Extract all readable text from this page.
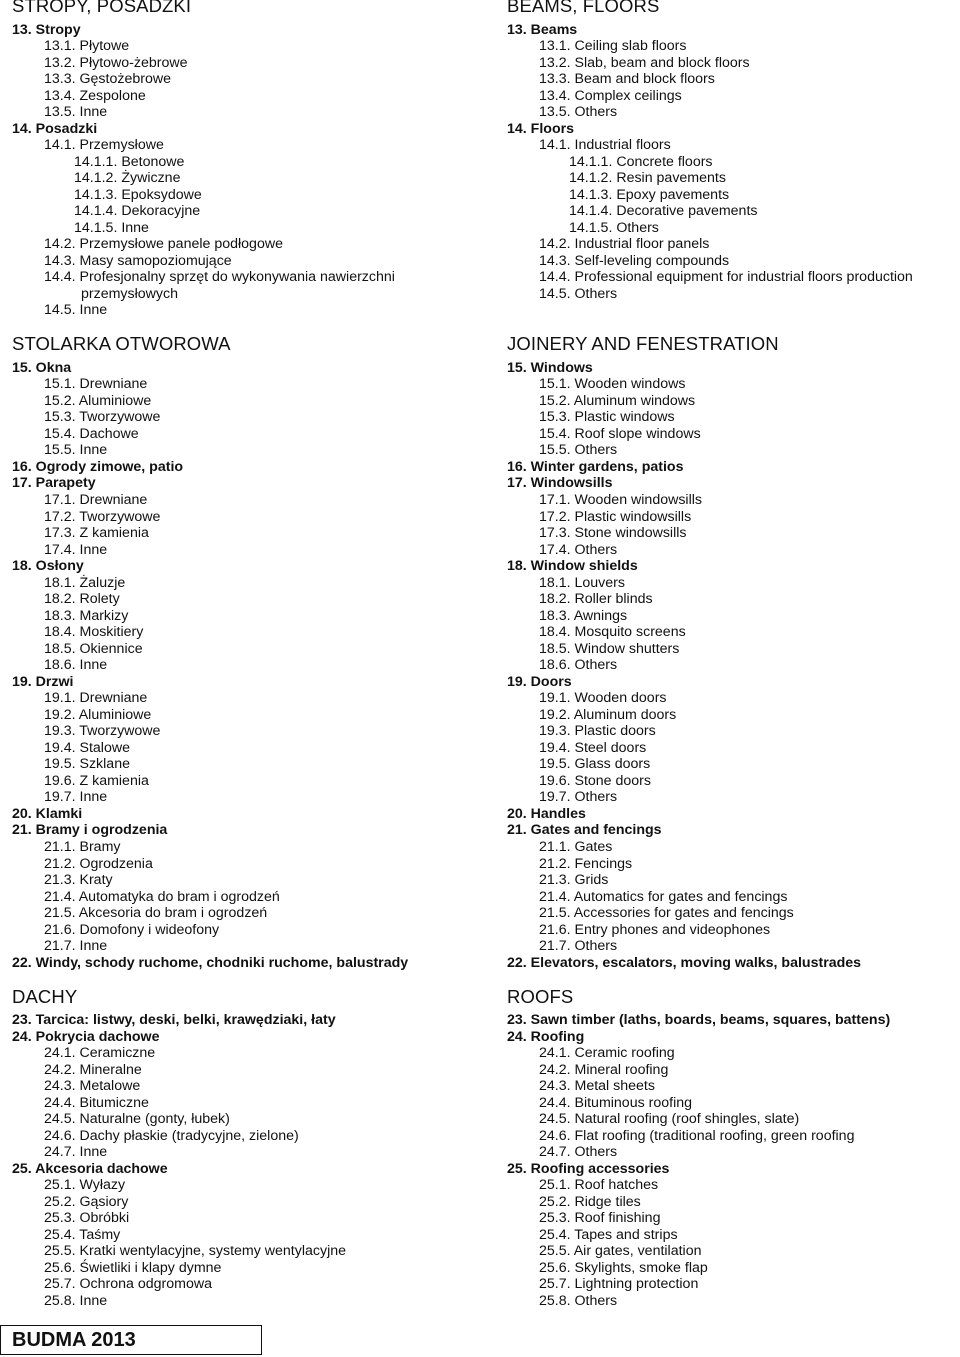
STROPY, POSADZKI
13. Stropy
13.1. Płytowe
13.2. Płytowo-żebrowe
13.3. Gęstożebrowe
13.4. Zespolone
13.5. Inne
14. Posadzki
14.1. Przemysłowe
14.1.1. Betonowe
14.1.2. Żywiczne
14.1.3. Epoksydowe
14.1.4. Dekoracyjne
14.1.5. Inne
14.2. Przemysłowe panele podłogowe
14.3. Masy samopoziomujące
14.4. Profesjonalny sprzęt do wykonywania nawierzchni
przemysłowych
14.5. Inne
STOLARKA OTWOROWA
15. Okna
15.1. Drewniane
15.2. Aluminiowe
15.3. Tworzywowe
15.4. Dachowe
15.5. Inne
16. Ogrody zimowe, patio
17. Parapety
17.1. Drewniane
17.2. Tworzywowe
17.3. Z kamienia
17.4. Inne
18. Osłony
18.1. Żaluzje
18.2. Rolety
18.3. Markizy
18.4. Moskitiery
18.5. Okiennice
18.6. Inne
19. Drzwi
19.1. Drewniane
19.2. Aluminiowe
19.3. Tworzywowe
19.4. Stalowe
19.5. Szklane
19.6. Z kamienia
19.7. Inne
20. Klamki
21. Bramy i ogrodzenia
21.1. Bramy
21.2. Ogrodzenia
21.3. Kraty
21.4. Automatyka do bram i ogrodzeń
21.5. Akcesoria do bram i ogrodzeń
21.6. Domofony i wideofony
21.7. Inne
22. Windy, schody ruchome, chodniki ruchome, balustrady
DACHY
23. Tarcica: listwy, deski, belki, krawędziaki, łaty
24. Pokrycia dachowe
24.1. Ceramiczne
24.2. Mineralne
24.3. Metalowe
24.4. Bitumiczne
24.5. Naturalne (gonty, łubek)
24.6. Dachy płaskie (tradycyjne, zielone)
24.7. Inne
25. Akcesoria dachowe
25.1. Wyłazy
25.2. Gąsiory
25.3. Obróbki
25.4. Taśmy
25.5. Kratki wentylacyjne, systemy wentylacyjne
25.6. Świetliki i klapy dymne
25.7. Ochrona odgromowa
25.8. Inne
BEAMS, FLOORS
13. Beams
13.1. Ceiling slab floors
13.2. Slab, beam and block floors
13.3. Beam and block floors
13.4. Complex ceilings
13.5. Others
14. Floors
14.1. Industrial floors
14.1.1. Concrete floors
14.1.2. Resin pavements
14.1.3. Epoxy pavements
14.1.4. Decorative pavements
14.1.5. Others
14.2. Industrial floor panels
14.3. Self-leveling compounds
14.4. Professional equipment for industrial floors production
14.5. Others
JOINERY AND FENESTRATION
15. Windows
15.1. Wooden windows
15.2. Aluminum windows
15.3. Plastic windows
15.4. Roof slope windows
15.5. Others
16. Winter gardens, patios
17. Windowsills
17.1. Wooden windowsills
17.2. Plastic windowsills
17.3. Stone windowsills
17.4. Others
18. Window shields
18.1. Louvers
18.2. Roller blinds
18.3. Awnings
18.4. Mosquito screens
18.5. Window shutters
18.6. Others
19. Doors
19.1. Wooden doors
19.2. Aluminum doors
19.3. Plastic doors
19.4. Steel doors
19.5. Glass doors
19.6. Stone doors
19.7. Others
20. Handles
21. Gates and fencings
21.1. Gates
21.2. Fencings
21.3. Grids
21.4. Automatics for gates and fencings
21.5. Accessories for gates and fencings
21.6. Entry phones and videophones
21.7. Others
22. Elevators, escalators, moving walks, balustrades
ROOFS
23. Sawn timber (laths, boards, beams, squares, battens)
24. Roofing
24.1. Ceramic roofing
24.2. Mineral roofing
24.3. Metal sheets
24.4. Bituminous roofing
24.5. Natural roofing (roof shingles, slate)
24.6. Flat roofing (traditional roofing, green roofing
24.7. Others
25. Roofing accessories
25.1. Roof hatches
25.2. Ridge tiles
25.3. Roof finishing
25.4. Tapes and strips
25.5. Air gates, ventilation
25.6. Skylights, smoke flap
25.7. Lightning protection
25.8. Others
BUDMA 2013
